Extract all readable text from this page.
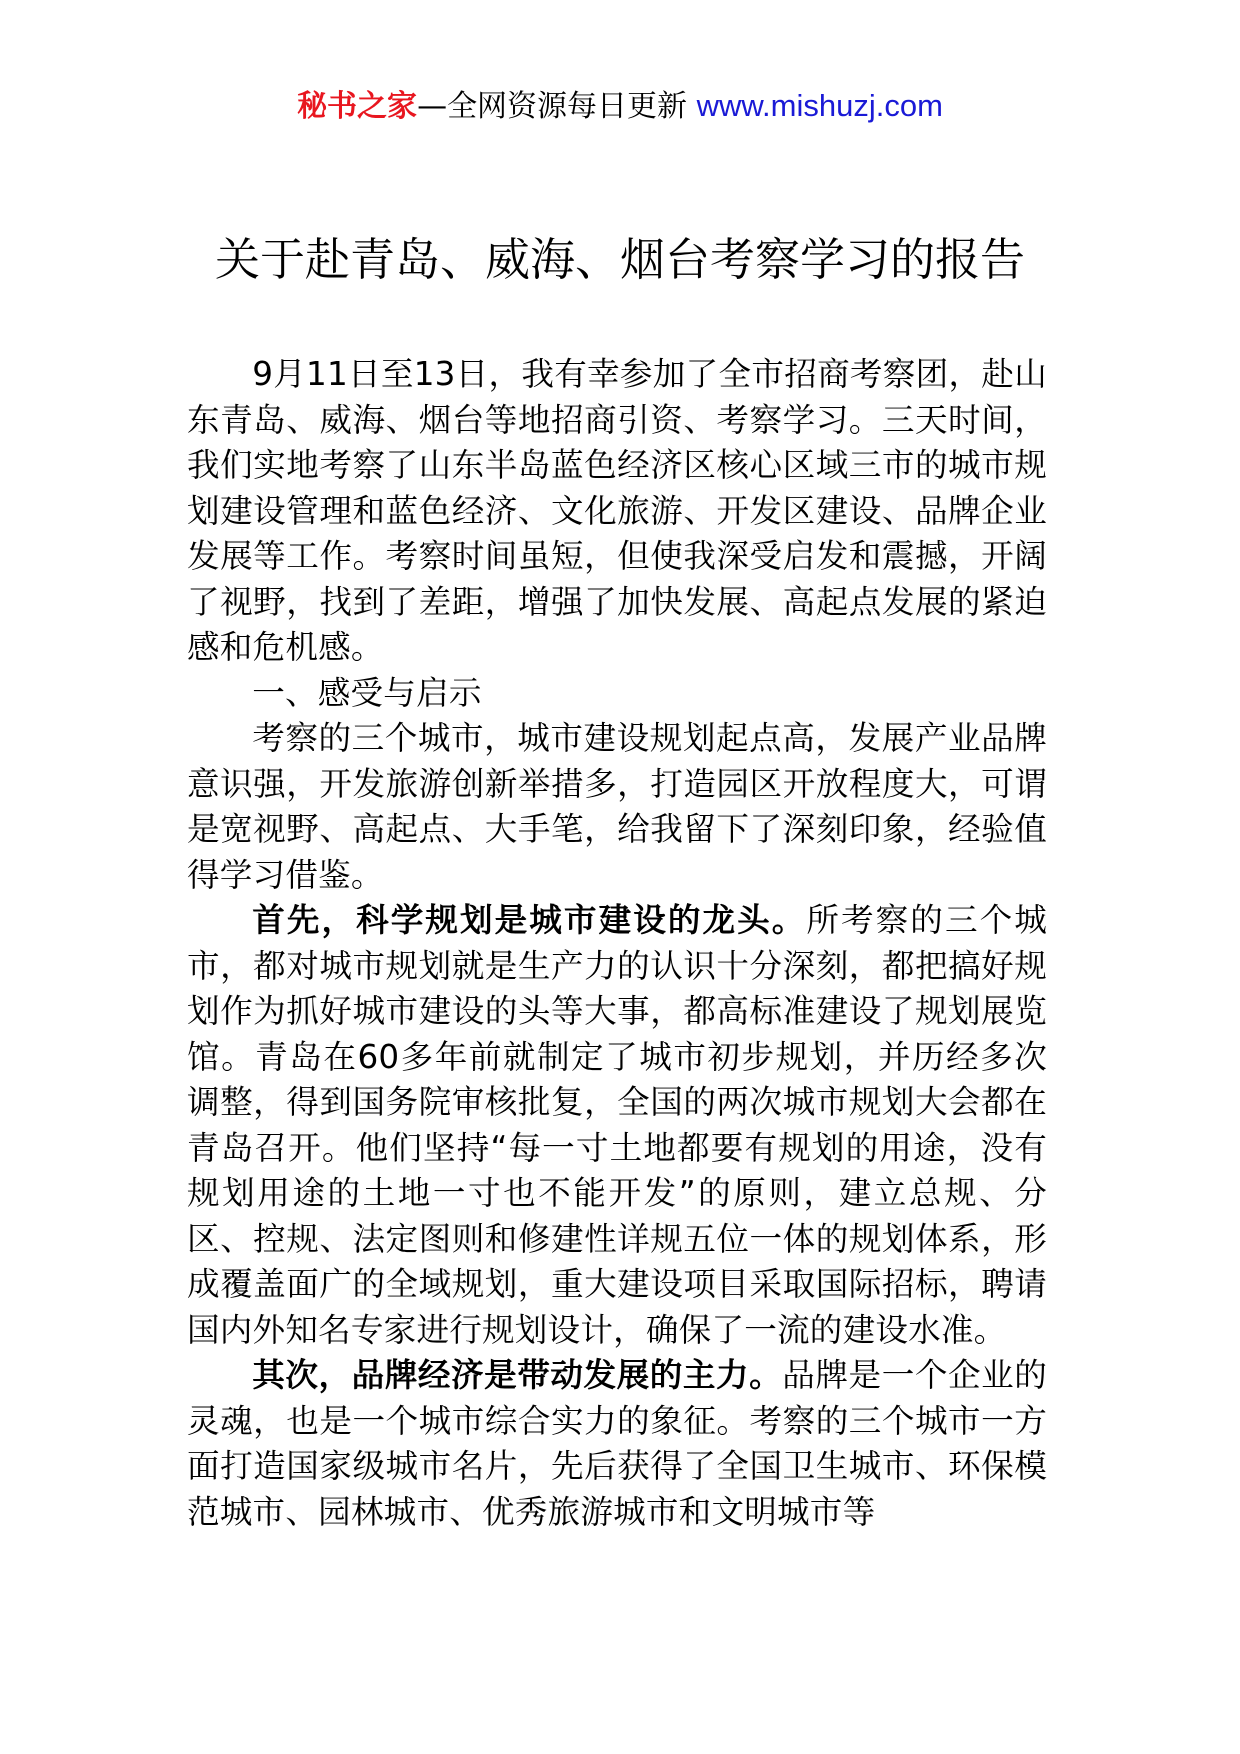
秘书之家—全网资源每日更新 www.mishuzj.com
关于赴青岛、威海、烟台考察学习的报告

9月11日至13日，我有幸参加了全市招商考察团，赴山东青岛、威海、烟台等地招商引资、考察学习。三天时间，我们实地考察了山东半岛蓝色经济区核心区域三市的城市规划建设管理和蓝色经济、文化旅游、开发区建设、品牌企业发展等工作。考察时间虽短，但使我深受启发和震撼，开阔了视野，找到了差距，增强了加快发展、高起点发展的紧迫感和危机感。

一、感受与启示

考察的三个城市，城市建设规划起点高，发展产业品牌意识强，开发旅游创新举措多，打造园区开放程度大，可谓是宽视野、高起点、大手笔，给我留下了深刻印象，经验值得学习借鉴。

首先，科学规划是城市建设的龙头。所考察的三个城市，都对城市规划就是生产力的认识十分深刻，都把搞好规划作为抓好城市建设的头等大事，都高标准建设了规划展览馆。青岛在60多年前就制定了城市初步规划，并历经多次调整，得到国务院审核批复，全国的两次城市规划大会都在青岛召开。他们坚持“每一寸土地都要有规划的用途，没有规划用途的土地一寸也不能开发”的原则，建立总规、分区、控规、法定图则和修建性详规五位一体的规划体系，形成覆盖面广的全域规划，重大建设项目采取国际招标，聘请国内外知名专家进行规划设计，确保了一流的建设水准。

其次，品牌经济是带动发展的主力。品牌是一个企业的灵魂，也是一个城市综合实力的象征。考察的三个城市一方面打造国家级城市名片，先后获得了全国卫生城市、环保模范城市、园林城市、优秀旅游城市和文明城市等
